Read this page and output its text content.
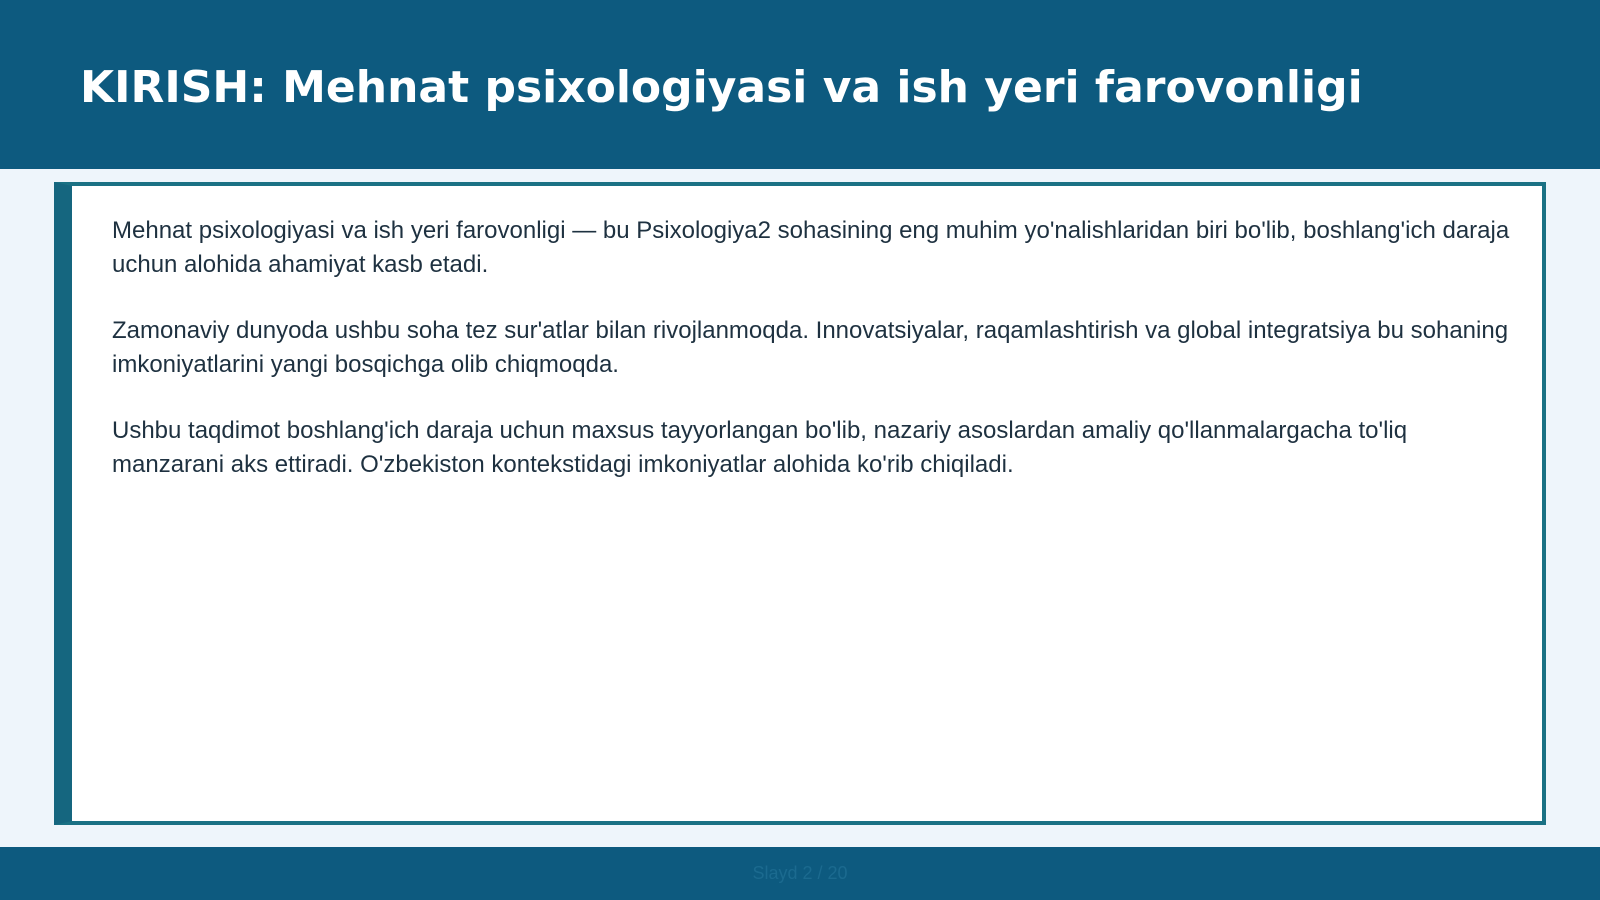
KIRISH: Mehnat psixologiyasi va ish yeri farovonligi

Mehnat psixologiyasi va ish yeri farovonligi — bu Psixologiya2 sohasining eng muhim yo'nalishlaridan biri bo'lib, boshlang'ich daraja uchun alohida ahamiyat kasb etadi.

Zamonaviy dunyoda ushbu soha tez sur'atlar bilan rivojlanmoqda. Innovatsiyalar, raqamlashtirish va global integratsiya bu sohaning imkoniyatlarini yangi bosqichga olib chiqmoqda.

Ushbu taqdimot boshlang'ich daraja uchun maxsus tayyorlangan bo'lib, nazariy asoslardan amaliy qo'llanmalargacha to'liq manzarani aks ettiradi. O'zbekiston kontekstidagi imkoniyatlar alohida ko'rib chiqiladi.

Slayd 2 / 20
